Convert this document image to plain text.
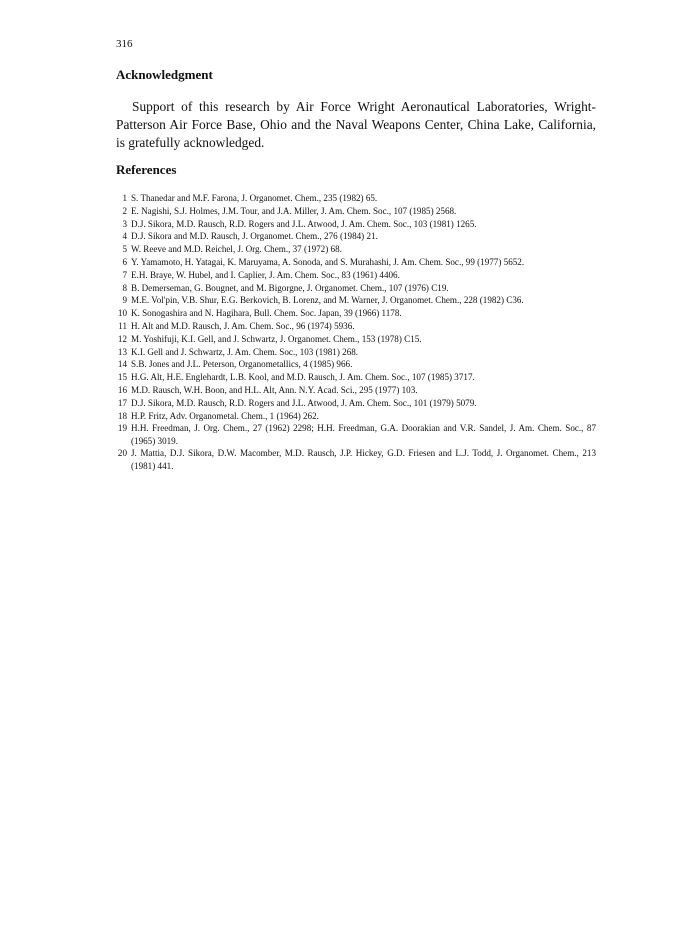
316
Acknowledgment

Support of this research by Air Force Wright Aeronautical Laboratories, Wright-Patterson Air Force Base, Ohio and the Naval Weapons Center, China Lake, California, is gratefully acknowledged.

References
1 S. Thanedar and M.F. Farona, J. Organomet. Chem., 235 (1982) 65.
2 E. Nagishi, S.J. Holmes, J.M. Tour, and J.A. Miller, J. Am. Chem. Soc., 107 (1985) 2568.
3 D.J. Sikora, M.D. Rausch, R.D. Rogers and J.L. Atwood, J. Am. Chem. Soc., 103 (1981) 1265.
4 D.J. Sikora and M.D. Rausch, J. Organomet. Chem., 276 (1984) 21.
5 W. Reeve and M.D. Reichel, J. Org. Chem., 37 (1972) 68.
6 Y. Yamamoto, H. Yatagai, K. Maruyama, A. Sonoda, and S. Murahashi, J. Am. Chem. Soc., 99 (1977) 5652.
7 E.H. Braye, W. Hubel, and I. Caplier, J. Am. Chem. Soc., 83 (1961) 4406.
8 B. Demerseman, G. Bougnet, and M. Bigorgne, J. Organomet. Chem., 107 (1976) C19.
9 M.E. Vol'pin, V.B. Shur, E.G. Berkovich, B. Lorenz, and M. Warner, J. Organomet. Chem., 228 (1982) C36.
10 K. Sonogashira and N. Hagihara, Bull. Chem. Soc. Japan, 39 (1966) 1178.
11 H. Alt and M.D. Rausch, J. Am. Chem. Soc., 96 (1974) 5936.
12 M. Yoshifuji, K.I. Gell, and J. Schwartz, J. Organomet. Chem., 153 (1978) C15.
13 K.I. Gell and J. Schwartz, J. Am. Chem. Soc., 103 (1981) 268.
14 S.B. Jones and J.L. Peterson, Organometallics, 4 (1985) 966.
15 H.G. Alt, H.E. Englehardt, L.B. Kool, and M.D. Rausch, J. Am. Chem. Soc., 107 (1985) 3717.
16 M.D. Rausch, W.H. Boon, and H.L. Alt, Ann. N.Y. Acad. Sci., 295 (1977) 103.
17 D.J. Sikora, M.D. Rausch, R.D. Rogers and J.L. Atwood, J. Am. Chem. Soc., 101 (1979) 5079.
18 H.P. Fritz, Adv. Organometal. Chem., 1 (1964) 262.
19 H.H. Freedman, J. Org. Chem., 27 (1962) 2298; H.H. Freedman, G.A. Doorakian and V.R. Sandel, J. Am. Chem. Soc., 87 (1965) 3019.
20 J. Mattia, D.J. Sikora, D.W. Macomber, M.D. Rausch, J.P. Hickey, G.D. Friesen and L.J. Todd, J. Organomet. Chem., 213 (1981) 441.
